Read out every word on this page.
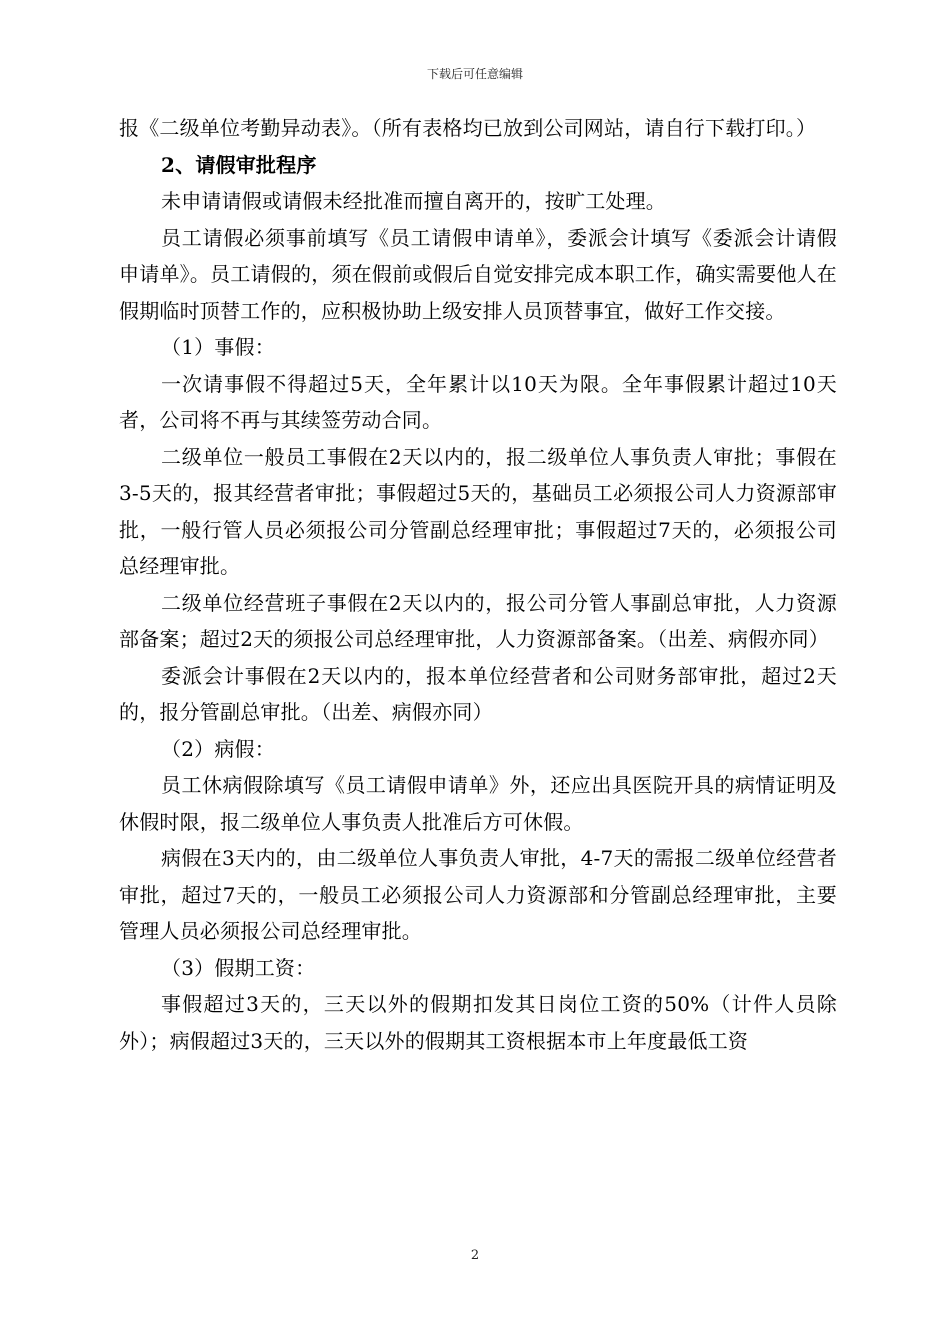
下载后可任意编辑

报《二级单位考勤异动表》。（所有表格均已放到公司网站，请自行下载打印。）

2、请假审批程序

未申请请假或请假未经批准而擅自离开的，按旷工处理。

员工请假必须事前填写《员工请假申请单》，委派会计填写《委派会计请假申请单》。员工请假的，须在假前或假后自觉安排完成本职工作，确实需要他人在假期临时顶替工作的，应积极协助上级安排人员顶替事宜，做好工作交接。

（1）事假：

一次请事假不得超过5天，全年累计以10天为限。全年事假累计超过10天者，公司将不再与其续签劳动合同。

二级单位一般员工事假在2天以内的，报二级单位人事负责人审批；事假在3-5天的，报其经营者审批；事假超过5天的，基础员工必须报公司人力资源部审批，一般行管人员必须报公司分管副总经理审批；事假超过7天的，必须报公司总经理审批。

二级单位经营班子事假在2天以内的，报公司分管人事副总审批，人力资源部备案；超过2天的须报公司总经理审批，人力资源部备案。（出差、病假亦同）

委派会计事假在2天以内的，报本单位经营者和公司财务部审批，超过2天的，报分管副总审批。（出差、病假亦同）

（2）病假：

员工休病假除填写《员工请假申请单》外，还应出具医院开具的病情证明及休假时限，报二级单位人事负责人批准后方可休假。

病假在3天内的，由二级单位人事负责人审批，4-7天的需报二级单位经营者审批，超过7天的，一般员工必须报公司人力资源部和分管副总经理审批，主要管理人员必须报公司总经理审批。

（3）假期工资：

事假超过3天的，三天以外的假期扣发其日岗位工资的50%（计件人员除外）；病假超过3天的，三天以外的假期其工资根据本市上年度最低工资

2
